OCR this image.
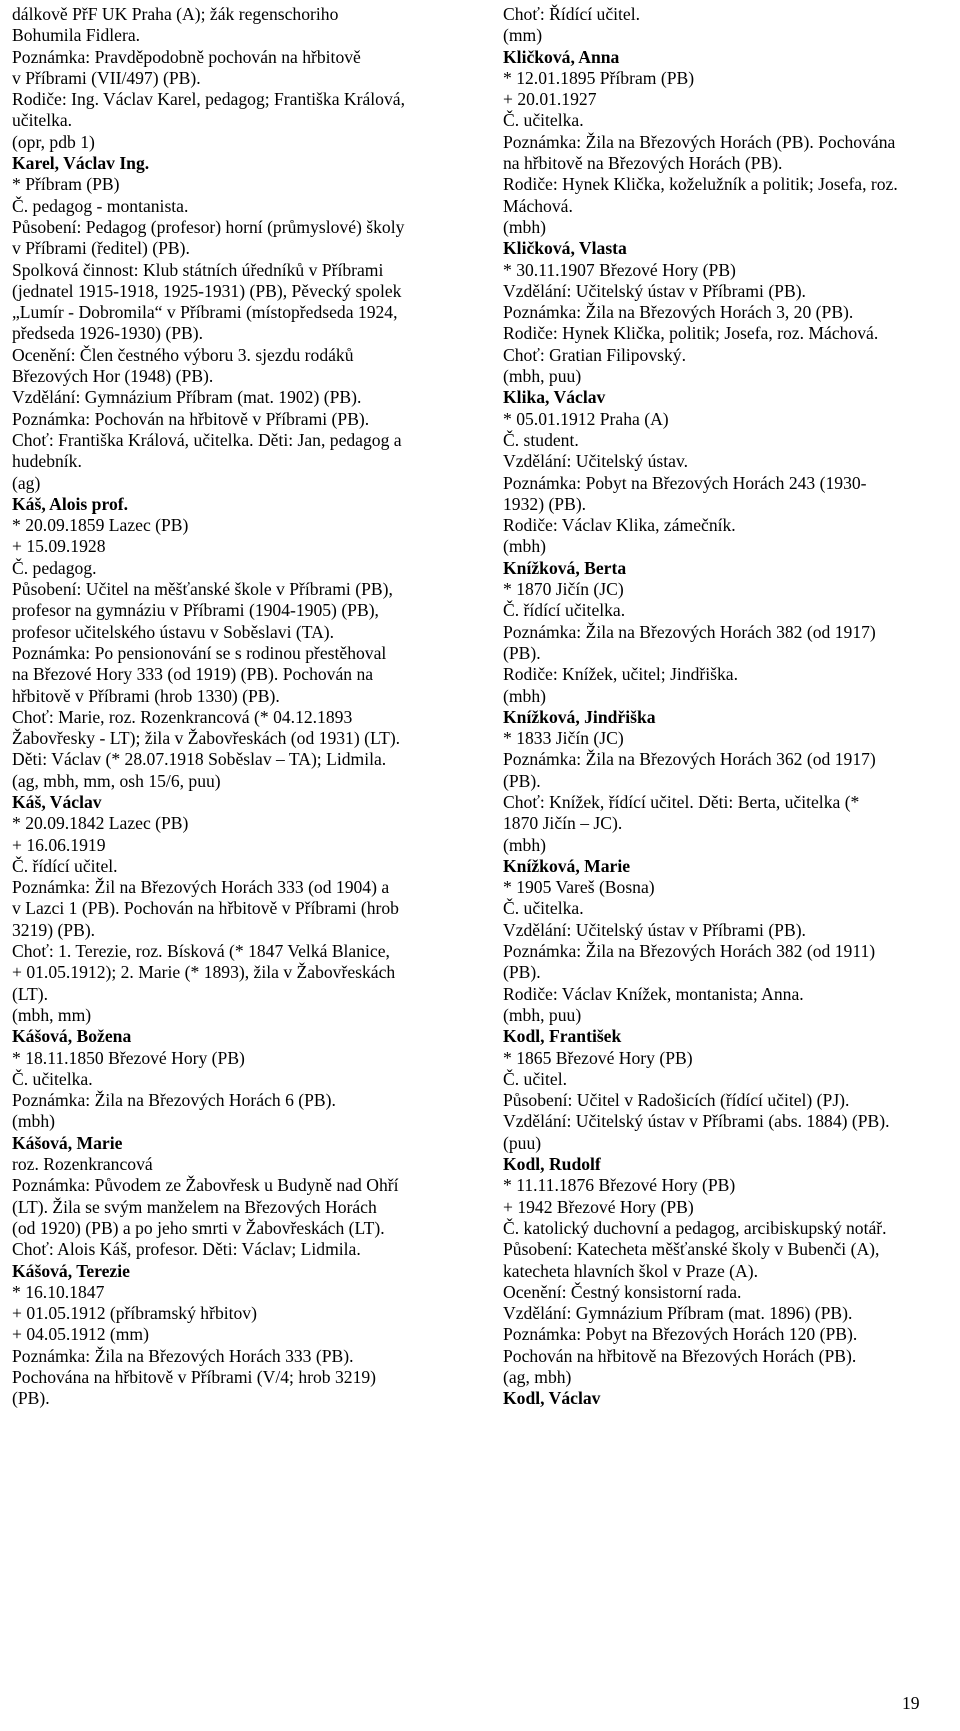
dálkově PřF UK Praha (A); žák regenschoriho
Bohumila Fidlera.
Poznámka: Pravděpodobně pochován na hřbitově
v Příbrami (VII/497) (PB).
Rodiče: Ing. Václav Karel, pedagog; Františka Králová,
učitelka.
(opr, pdb 1)
Karel, Václav Ing.
* Příbram (PB)
Č. pedagog - montanista.
Působení: Pedagog (profesor) horní (průmyslové) školy
v Příbrami (ředitel) (PB).
Spolková činnost: Klub státních úředníků v Příbrami
(jednatel 1915-1918, 1925-1931) (PB), Pěvecký spolek
„Lumír - Dobromila“ v Příbrami (místopředseda 1924,
předseda 1926-1930) (PB).
Ocenění: Člen čestného výboru 3. sjezdu rodáků
Březových Hor (1948) (PB).
Vzdělání: Gymnázium Příbram (mat. 1902) (PB).
Poznámka: Pochován na hřbitově v Příbrami (PB).
Choť: Františka Králová, učitelka. Děti: Jan, pedagog a
hudebník.
(ag)
Káš, Alois prof.
* 20.09.1859 Lazec (PB)
+ 15.09.1928
Č. pedagog.
Působení: Učitel na měšťanské škole v Příbrami (PB),
profesor na gymnáziu v Příbrami (1904-1905) (PB),
profesor učitelského ústavu v Soběslavi (TA).
Poznámka: Po pensionování se s rodinou přestěhoval
na Březové Hory 333 (od 1919) (PB). Pochován na
hřbitově v Příbrami (hrob 1330) (PB).
Choť: Marie, roz. Rozenkrancová (* 04.12.1893
Žabovřesky - LT); žila v Žabovřeskách (od 1931) (LT).
Děti: Václav (* 28.07.1918 Soběslav – TA); Lidmila.
(ag, mbh, mm, osh 15/6, puu)
Káš, Václav
* 20.09.1842 Lazec (PB)
+ 16.06.1919
Č. řídící učitel.
Poznámka: Žil na Březových Horách 333 (od 1904) a
v Lazci 1 (PB). Pochován na hřbitově v Příbrami (hrob
3219) (PB).
Choť: 1. Terezie, roz. Bísková (* 1847 Velká Blanice,
+ 01.05.1912); 2. Marie (* 1893), žila v Žabovřeskách
(LT).
(mbh, mm)
Kášová, Božena
* 18.11.1850 Březové Hory (PB)
Č. učitelka.
Poznámka: Žila na Březových Horách 6 (PB).
(mbh)
Kášová, Marie
roz. Rozenkrancová
Poznámka: Původem ze Žabovřesk u Budyně nad Ohří
(LT). Žila se svým manželem na Březových Horách
(od 1920) (PB) a po jeho smrti v Žabovřeskách (LT).
Choť: Alois Káš, profesor. Děti: Václav; Lidmila.
Kášová, Terezie
* 16.10.1847
+ 01.05.1912 (příbramský hřbitov)
+ 04.05.1912 (mm)
Poznámka: Žila na Březových Horách 333 (PB).
Pochována na hřbitově v Příbrami (V/4; hrob 3219)
(PB).
Choť: Řídící učitel.
(mm)
Kličková, Anna
* 12.01.1895 Příbram (PB)
+ 20.01.1927
Č. učitelka.
Poznámka: Žila na Březových Horách (PB). Pochována
na hřbitově na Březových Horách (PB).
Rodiče: Hynek Klička, koželužník a politik; Josefa, roz.
Máchová.
(mbh)
Kličková, Vlasta
* 30.11.1907 Březové Hory (PB)
Vzdělání: Učitelský ústav v Příbrami (PB).
Poznámka: Žila na Březových Horách 3, 20 (PB).
Rodiče: Hynek Klička, politik; Josefa, roz. Máchová.
Choť: Gratian Filipovský.
(mbh, puu)
Klika, Václav
* 05.01.1912 Praha (A)
Č. student.
Vzdělání: Učitelský ústav.
Poznámka: Pobyt na Březových Horách 243 (1930-
1932) (PB).
Rodiče: Václav Klika, zámečník.
(mbh)
Knížková, Berta
* 1870 Jičín (JC)
Č. řídící učitelka.
Poznámka: Žila na Březových Horách 382 (od 1917)
(PB).
Rodiče: Knížek, učitel; Jindřiška.
(mbh)
Knížková, Jindřiška
* 1833 Jičín (JC)
Poznámka: Žila na Březových Horách 362 (od 1917)
(PB).
Choť: Knížek, řídící učitel. Děti: Berta, učitelka (*
1870 Jičín – JC).
(mbh)
Knížková, Marie
* 1905 Vareš (Bosna)
Č. učitelka.
Vzdělání: Učitelský ústav v Příbrami (PB).
Poznámka: Žila na Březových Horách 382 (od 1911)
(PB).
Rodiče: Václav Knížek, montanista; Anna.
(mbh, puu)
Kodl, František
* 1865 Březové Hory (PB)
Č. učitel.
Působení: Učitel v Radošicích (řídící učitel) (PJ).
Vzdělání: Učitelský ústav v Příbrami (abs. 1884) (PB).
(puu)
Kodl, Rudolf
* 11.11.1876 Březové Hory (PB)
+ 1942 Březové Hory (PB)
Č. katolický duchovní a pedagog, arcibiskupský notář.
Působení: Katecheta měšťanské školy v Bubenči (A),
katecheta hlavních škol v Praze (A).
Ocenění: Čestný konsistorní rada.
Vzdělání: Gymnázium Příbram (mat. 1896) (PB).
Poznámka: Pobyt na Březových Horách 120 (PB).
Pochován na hřbitově na Březových Horách (PB).
(ag, mbh)
Kodl, Václav
19
